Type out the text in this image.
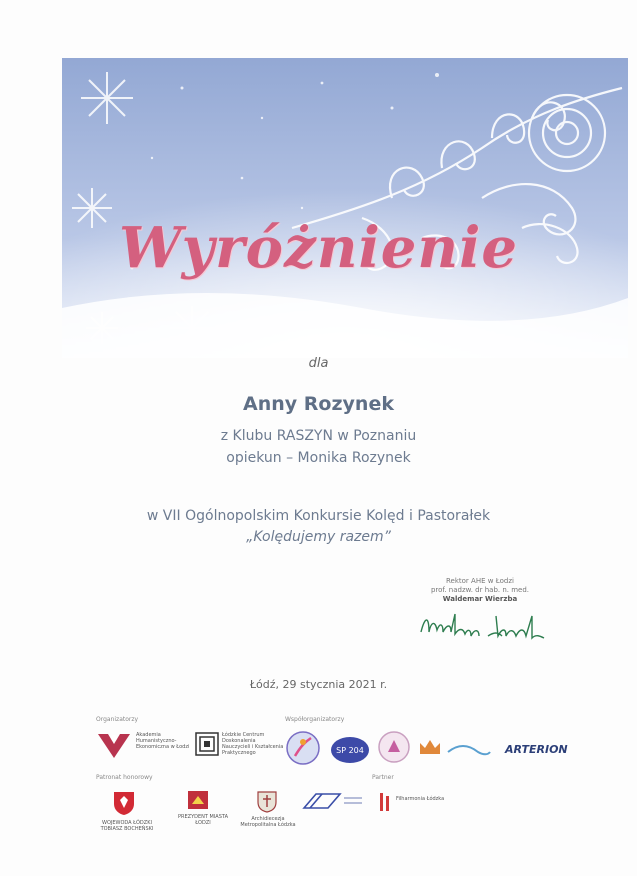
Wyróżnienie
dla
Anny Rozynek
z Klubu RASZYN w Poznaniu
opiekun – Monika Rozynek
w VII Ogólnopolskim Konkursie Kolęd i Pastorałek
„Kolędujemy razem”
Rektor AHE w Łodzi
prof. nadzw. dr hab. n. med.
Waldemar Wierzba
Łódź, 29 stycznia 2021 r.
Organizatorzy	Współorganizatorzy
Patronat honorowy	Partner
Akademia Humanistyczno-Ekonomiczna w Łodzi
Łódzkie Centrum Doskonalenia Nauczycieli i Kształcenia Praktycznego	SP 204	ARTERION
WOJEWODA ŁÓDZKI TOBIASZ BOCHEŃSKI
PREZYDENT MIASTA ŁODZI
Archidiecezja Metropolitalna Łódzka
Filharmonia Łódzka
